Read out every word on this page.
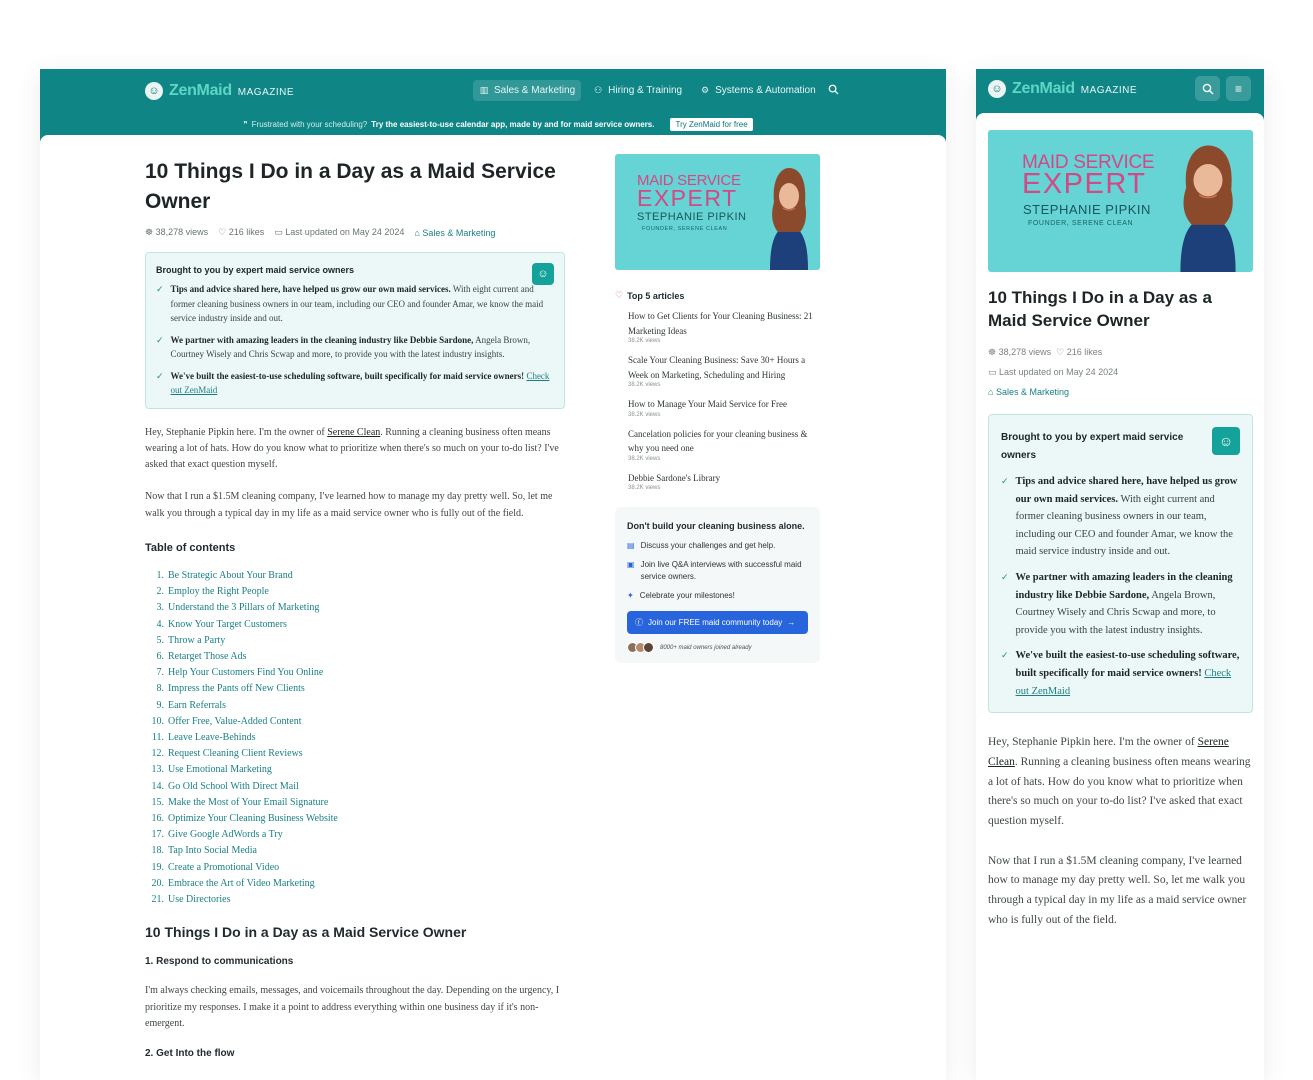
☺ ZenMaid MAGAZINE	▥ Sales & Marketing ⚇ Hiring & Training ⚙ Systems & Automation
❞ Frustrated with your scheduling? Try the easiest-to-use calendar app, made by and for maid service owners.	Try ZenMaid for free
10 Things I Do in a Day as a Maid Service Owner
☸ 38,278 views ♡ 216 likes ▭ Last updated on May 24 2024 ⌂ Sales & Marketing
Brought to you by expert maid service owners	☺
✓ Tips and advice shared here, have helped us grow our own maid services. With eight current and former cleaning business owners in our team, including our CEO and founder Amar, we know the maid service industry inside and out.
✓ We partner with amazing leaders in the cleaning industry like Debbie Sardone, Angela Brown, Courtney Wisely and Chris Scwap and more, to provide you with the latest industry insights.
✓ We've built the easiest-to-use scheduling software, built specifically for maid service owners! Check out ZenMaid

Hey, Stephanie Pipkin here. I'm the owner of Serene Clean. Running a cleaning business often means wearing a lot of hats. How do you know what to prioritize when there's so much on your to-do list? I've asked that exact question myself.

Now that I run a $1.5M cleaning company, I've learned how to manage my day pretty well. So, let me walk you through a typical day in my life as a maid service owner who is fully out of the field.

Table of contents
1. Be Strategic About Your Brand
2. Employ the Right People
3. Understand the 3 Pillars of Marketing
4. Know Your Target Customers
5. Throw a Party
6. Retarget Those Ads
7. Help Your Customers Find You Online
8. Impress the Pants off New Clients
9. Earn Referrals
10. Offer Free, Value-Added Content
11. Leave Leave-Behinds
12. Request Cleaning Client Reviews
13. Use Emotional Marketing
14. Go Old School With Direct Mail
15. Make the Most of Your Email Signature
16. Optimize Your Cleaning Business Website
17. Give Google AdWords a Try
18. Tap Into Social Media
19. Create a Promotional Video
20. Embrace the Art of Video Marketing
21. Use Directories
10 Things I Do in a Day as a Maid Service Owner
1. Respond to communications

I'm always checking emails, messages, and voicemails throughout the day. Depending on the urgency, I prioritize my responses. I make it a point to address everything within one business day if it's non-emergent.

2. Get Into the flow
MAID SERVICE
EXPERT
STEPHANIE PIPKIN
FOUNDER, SERENE CLEAN
♡ Top 5 articles
How to Get Clients for Your Cleaning Business: 21 Marketing Ideas
38.2K views
Scale Your Cleaning Business: Save 30+ Hours a Week on Marketing, Scheduling and Hiring
38.2K views
How to Manage Your Maid Service for Free
38.2K views
Cancelation policies for your cleaning business & why you need one
38.2K views
Debbie Sardone's Library
38.2K views
Don't build your cleaning business alone.
▤ Discuss your challenges and get help.
▣ Join live Q&A interviews with successful maid service owners.
✦ Celebrate your milestones!
ⓕ Join our FREE maid community today →
8000+ maid owners joined already
☺ ZenMaid MAGAZINE	≡
MAID SERVICE
EXPERT
STEPHANIE PIPKIN
FOUNDER, SERENE CLEAN
10 Things I Do in a Day as a Maid Service Owner
☸ 38,278 views ♡ 216 likes
▭ Last updated on May 24 2024
⌂ Sales & Marketing
Brought to you by expert maid service owners
☺
✓ Tips and advice shared here, have helped us grow our own maid services. With eight current and former cleaning business owners in our team, including our CEO and founder Amar, we know the maid service industry inside and out.
✓ We partner with amazing leaders in the cleaning industry like Debbie Sardone, Angela Brown, Courtney Wisely and Chris Scwap and more, to provide you with the latest industry insights.
✓ We've built the easiest-to-use scheduling software, built specifically for maid service owners! Check out ZenMaid

Hey, Stephanie Pipkin here. I'm the owner of Serene Clean. Running a cleaning business often means wearing a lot of hats. How do you know what to prioritize when there's so much on your to-do list? I've asked that exact question myself.

Now that I run a $1.5M cleaning company, I've learned how to manage my day pretty well. So, let me walk you through a typical day in my life as a maid service owner who is fully out of the field.
